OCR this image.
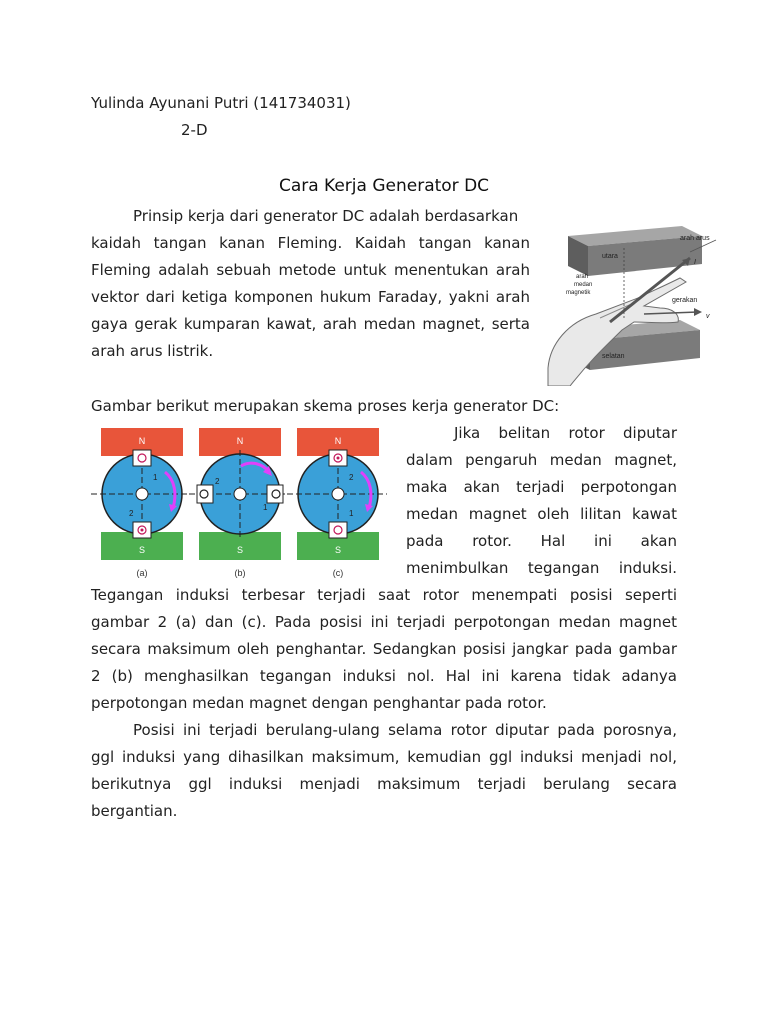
Yulinda Ayunani Putri (141734031)
2-D
Cara Kerja Generator DC
Prinsip kerja dari generator DC adalah berdasarkan
kaidah tangan kanan Fleming. Kaidah tangan kanan
Fleming adalah sebuah metode untuk menentukan arah
vektor dari ketiga komponen hukum Faraday, yakni arah
gaya gerak kumparan kawat, arah medan magnet, serta
arah arus listrik.
utara
selatan
arah arus
I
arah
medan
magnetik
gerakan
v
Gambar berikut merupakan skema proses kerja generator DC:
N
S
1
2
(a)
N
S
2
1
(b)
N
S
2
1
(c)
Jika belitan rotor diputar
dalam pengaruh medan magnet,
maka akan terjadi perpotongan
medan magnet oleh lilitan kawat
pada rotor. Hal ini akan
menimbulkan tegangan induksi.
Tegangan induksi terbesar terjadi saat rotor menempati posisi seperti
gambar 2 (a) dan (c). Pada posisi ini terjadi perpotongan medan magnet
secara maksimum oleh penghantar. Sedangkan posisi jangkar pada gambar
2 (b) menghasilkan tegangan induksi nol. Hal ini karena tidak adanya
perpotongan medan magnet dengan penghantar pada rotor.
Posisi ini terjadi berulang-ulang selama rotor diputar pada porosnya,
ggl induksi yang dihasilkan maksimum, kemudian ggl induksi menjadi nol,
berikutnya ggl induksi menjadi maksimum terjadi berulang secara
bergantian.
